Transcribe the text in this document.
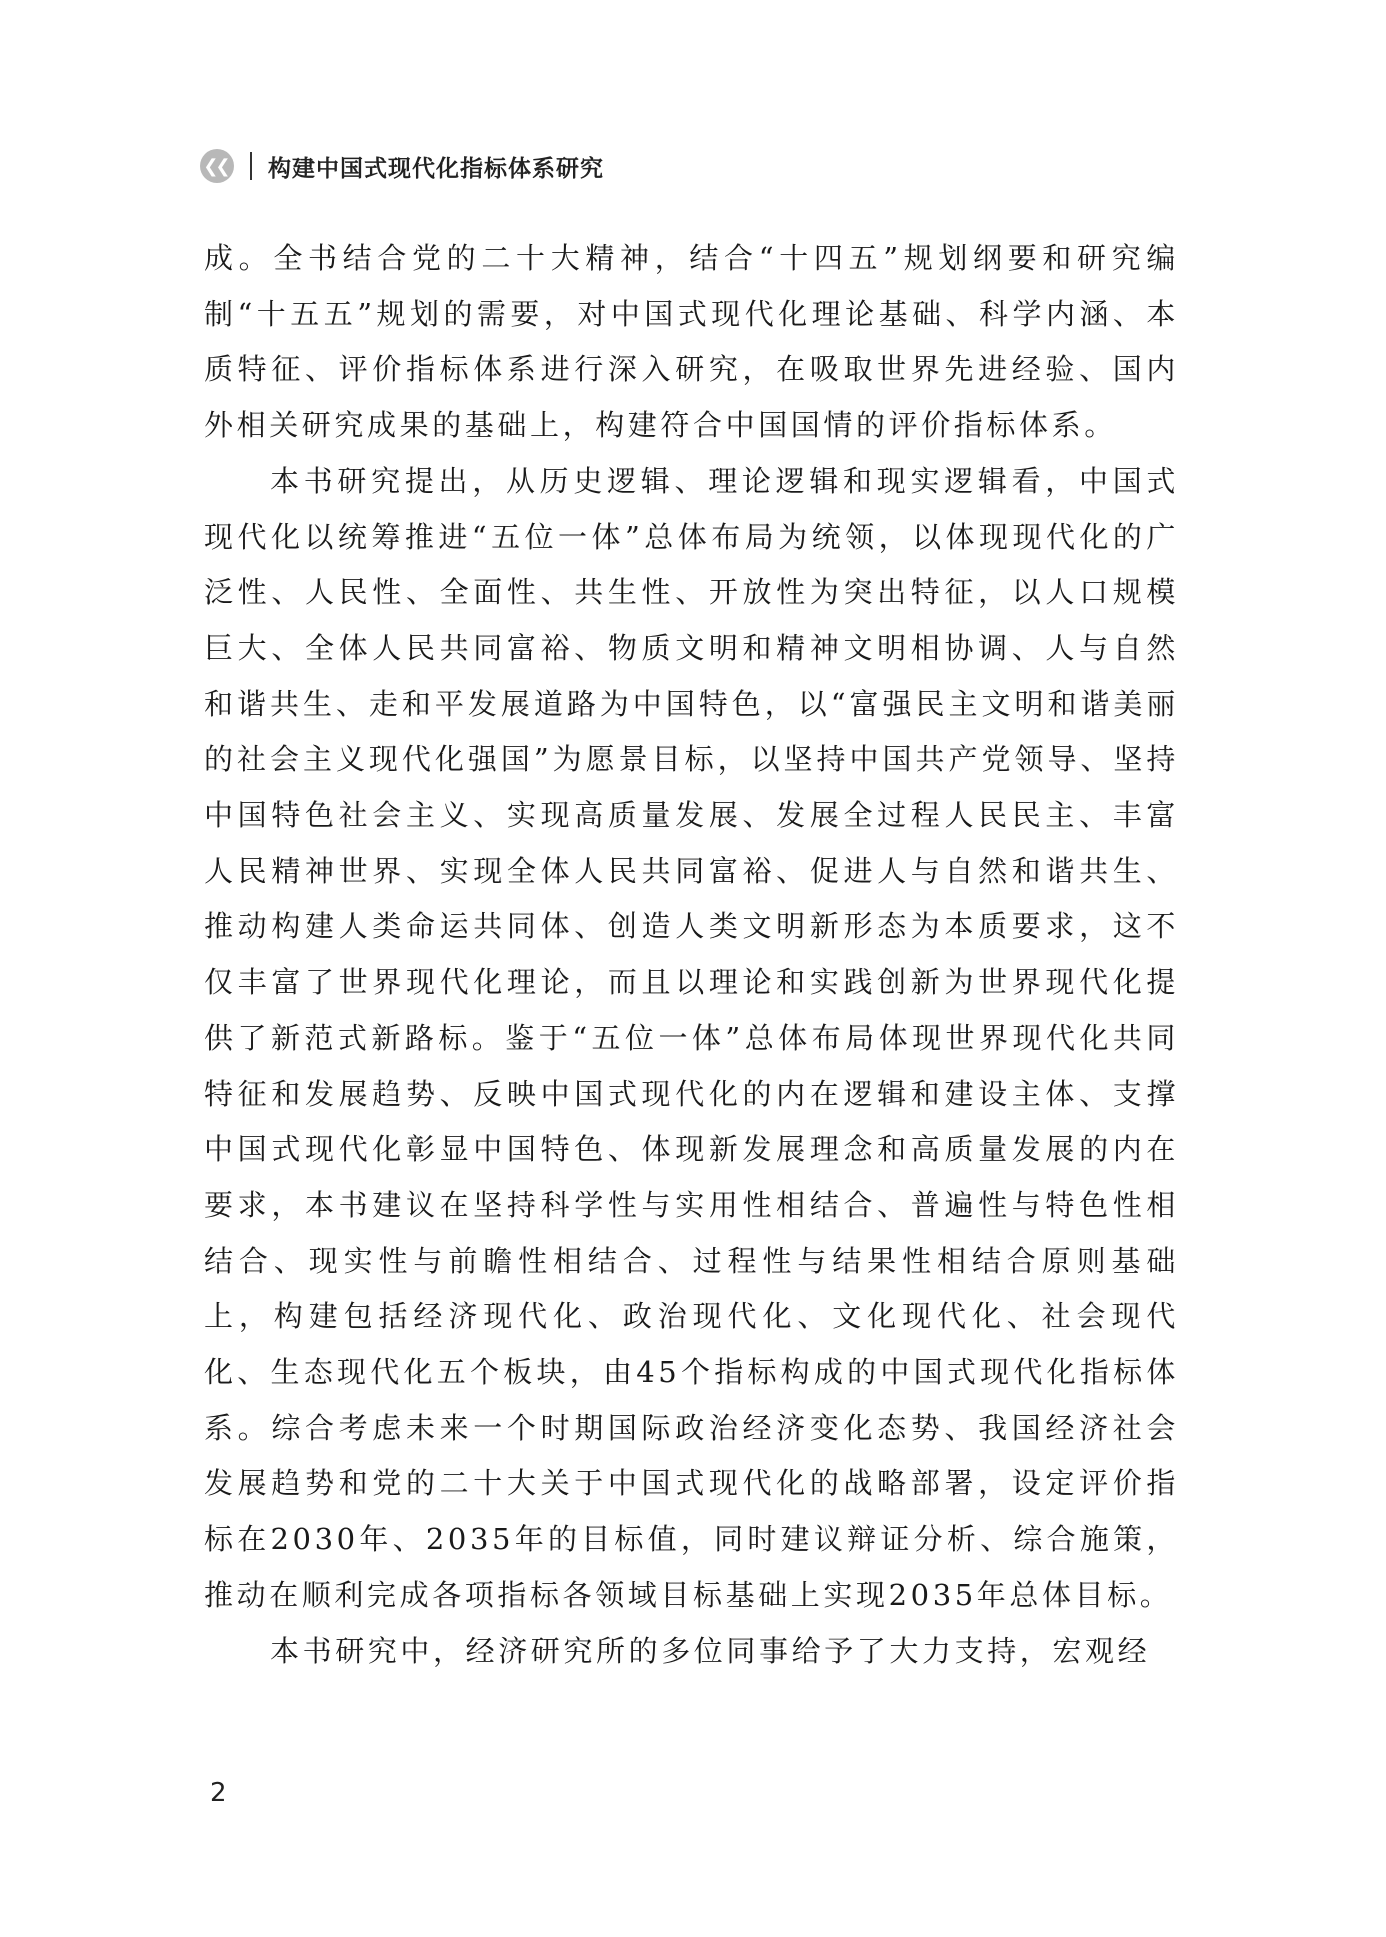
❮❮ 构建中国式现代化指标体系研究

成。全书结合党的二十大精神，结合“十四五”规划纲要和研究编制“十五五”规划的需要，对中国式现代化理论基础、科学内涵、本质特征、评价指标体系进行深入研究，在吸取世界先进经验、国内外相关研究成果的基础上，构建符合中国国情的评价指标体系。

本书研究提出，从历史逻辑、理论逻辑和现实逻辑看，中国式现代化以统筹推进“五位一体”总体布局为统领，以体现现代化的广泛性、人民性、全面性、共生性、开放性为突出特征，以人口规模巨大、全体人民共同富裕、物质文明和精神文明相协调、人与自然和谐共生、走和平发展道路为中国特色，以“富强民主文明和谐美丽的社会主义现代化强国”为愿景目标，以坚持中国共产党领导、坚持中国特色社会主义、实现高质量发展、发展全过程人民民主、丰富人民精神世界、实现全体人民共同富裕、促进人与自然和谐共生、推动构建人类命运共同体、创造人类文明新形态为本质要求，这不仅丰富了世界现代化理论，而且以理论和实践创新为世界现代化提供了新范式新路标。鉴于“五位一体”总体布局体现世界现代化共同特征和发展趋势、反映中国式现代化的内在逻辑和建设主体、支撑中国式现代化彰显中国特色、体现新发展理念和高质量发展的内在要求，本书建议在坚持科学性与实用性相结合、普遍性与特色性相结合、现实性与前瞻性相结合、过程性与结果性相结合原则基础上，构建包括经济现代化、政治现代化、文化现代化、社会现代化、生态现代化五个板块，由45个指标构成的中国式现代化指标体系。综合考虑未来一个时期国际政治经济变化态势、我国经济社会发展趋势和党的二十大关于中国式现代化的战略部署，设定评价指标在2030年、2035年的目标值，同时建议辩证分析、综合施策，推动在顺利完成各项指标各领域目标基础上实现2035年总体目标。

本书研究中，经济研究所的多位同事给予了大力支持，宏观经

2
